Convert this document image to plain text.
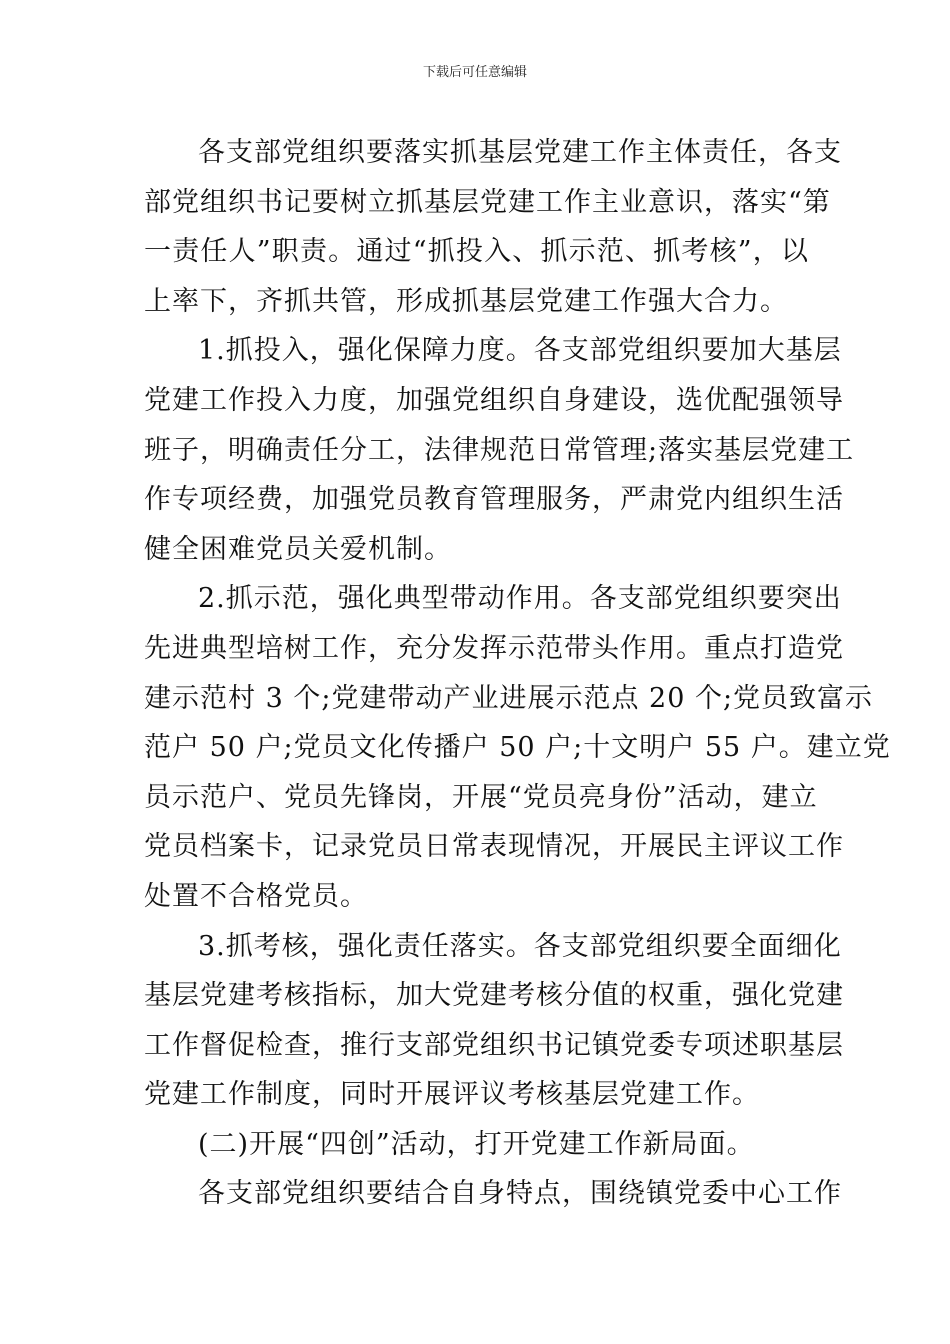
下载后可任意编辑
各支部党组织要落实抓基层党建工作主体责任，各支
部党组织书记要树立抓基层党建工作主业意识，落实“第
一责任人”职责。通过“抓投入、抓示范、抓考核”，以
上率下，齐抓共管，形成抓基层党建工作强大合力。
1.抓投入，强化保障力度。各支部党组织要加大基层
党建工作投入力度，加强党组织自身建设，选优配强领导
班子，明确责任分工，法律规范日常管理;落实基层党建工
作专项经费，加强党员教育管理服务，严肃党内组织生活
健全困难党员关爱机制。
2.抓示范，强化典型带动作用。各支部党组织要突出
先进典型培树工作，充分发挥示范带头作用。重点打造党
建示范村 3 个;党建带动产业进展示范点 20 个;党员致富示
范户 50 户;党员文化传播户 50 户;十文明户 55 户。建立党
员示范户、党员先锋岗，开展“党员亮身份”活动，建立
党员档案卡，记录党员日常表现情况，开展民主评议工作
处置不合格党员。
3.抓考核，强化责任落实。各支部党组织要全面细化
基层党建考核指标，加大党建考核分值的权重，强化党建
工作督促检查，推行支部党组织书记镇党委专项述职基层
党建工作制度，同时开展评议考核基层党建工作。
(二)开展“四创”活动，打开党建工作新局面。
各支部党组织要结合自身特点，围绕镇党委中心工作
